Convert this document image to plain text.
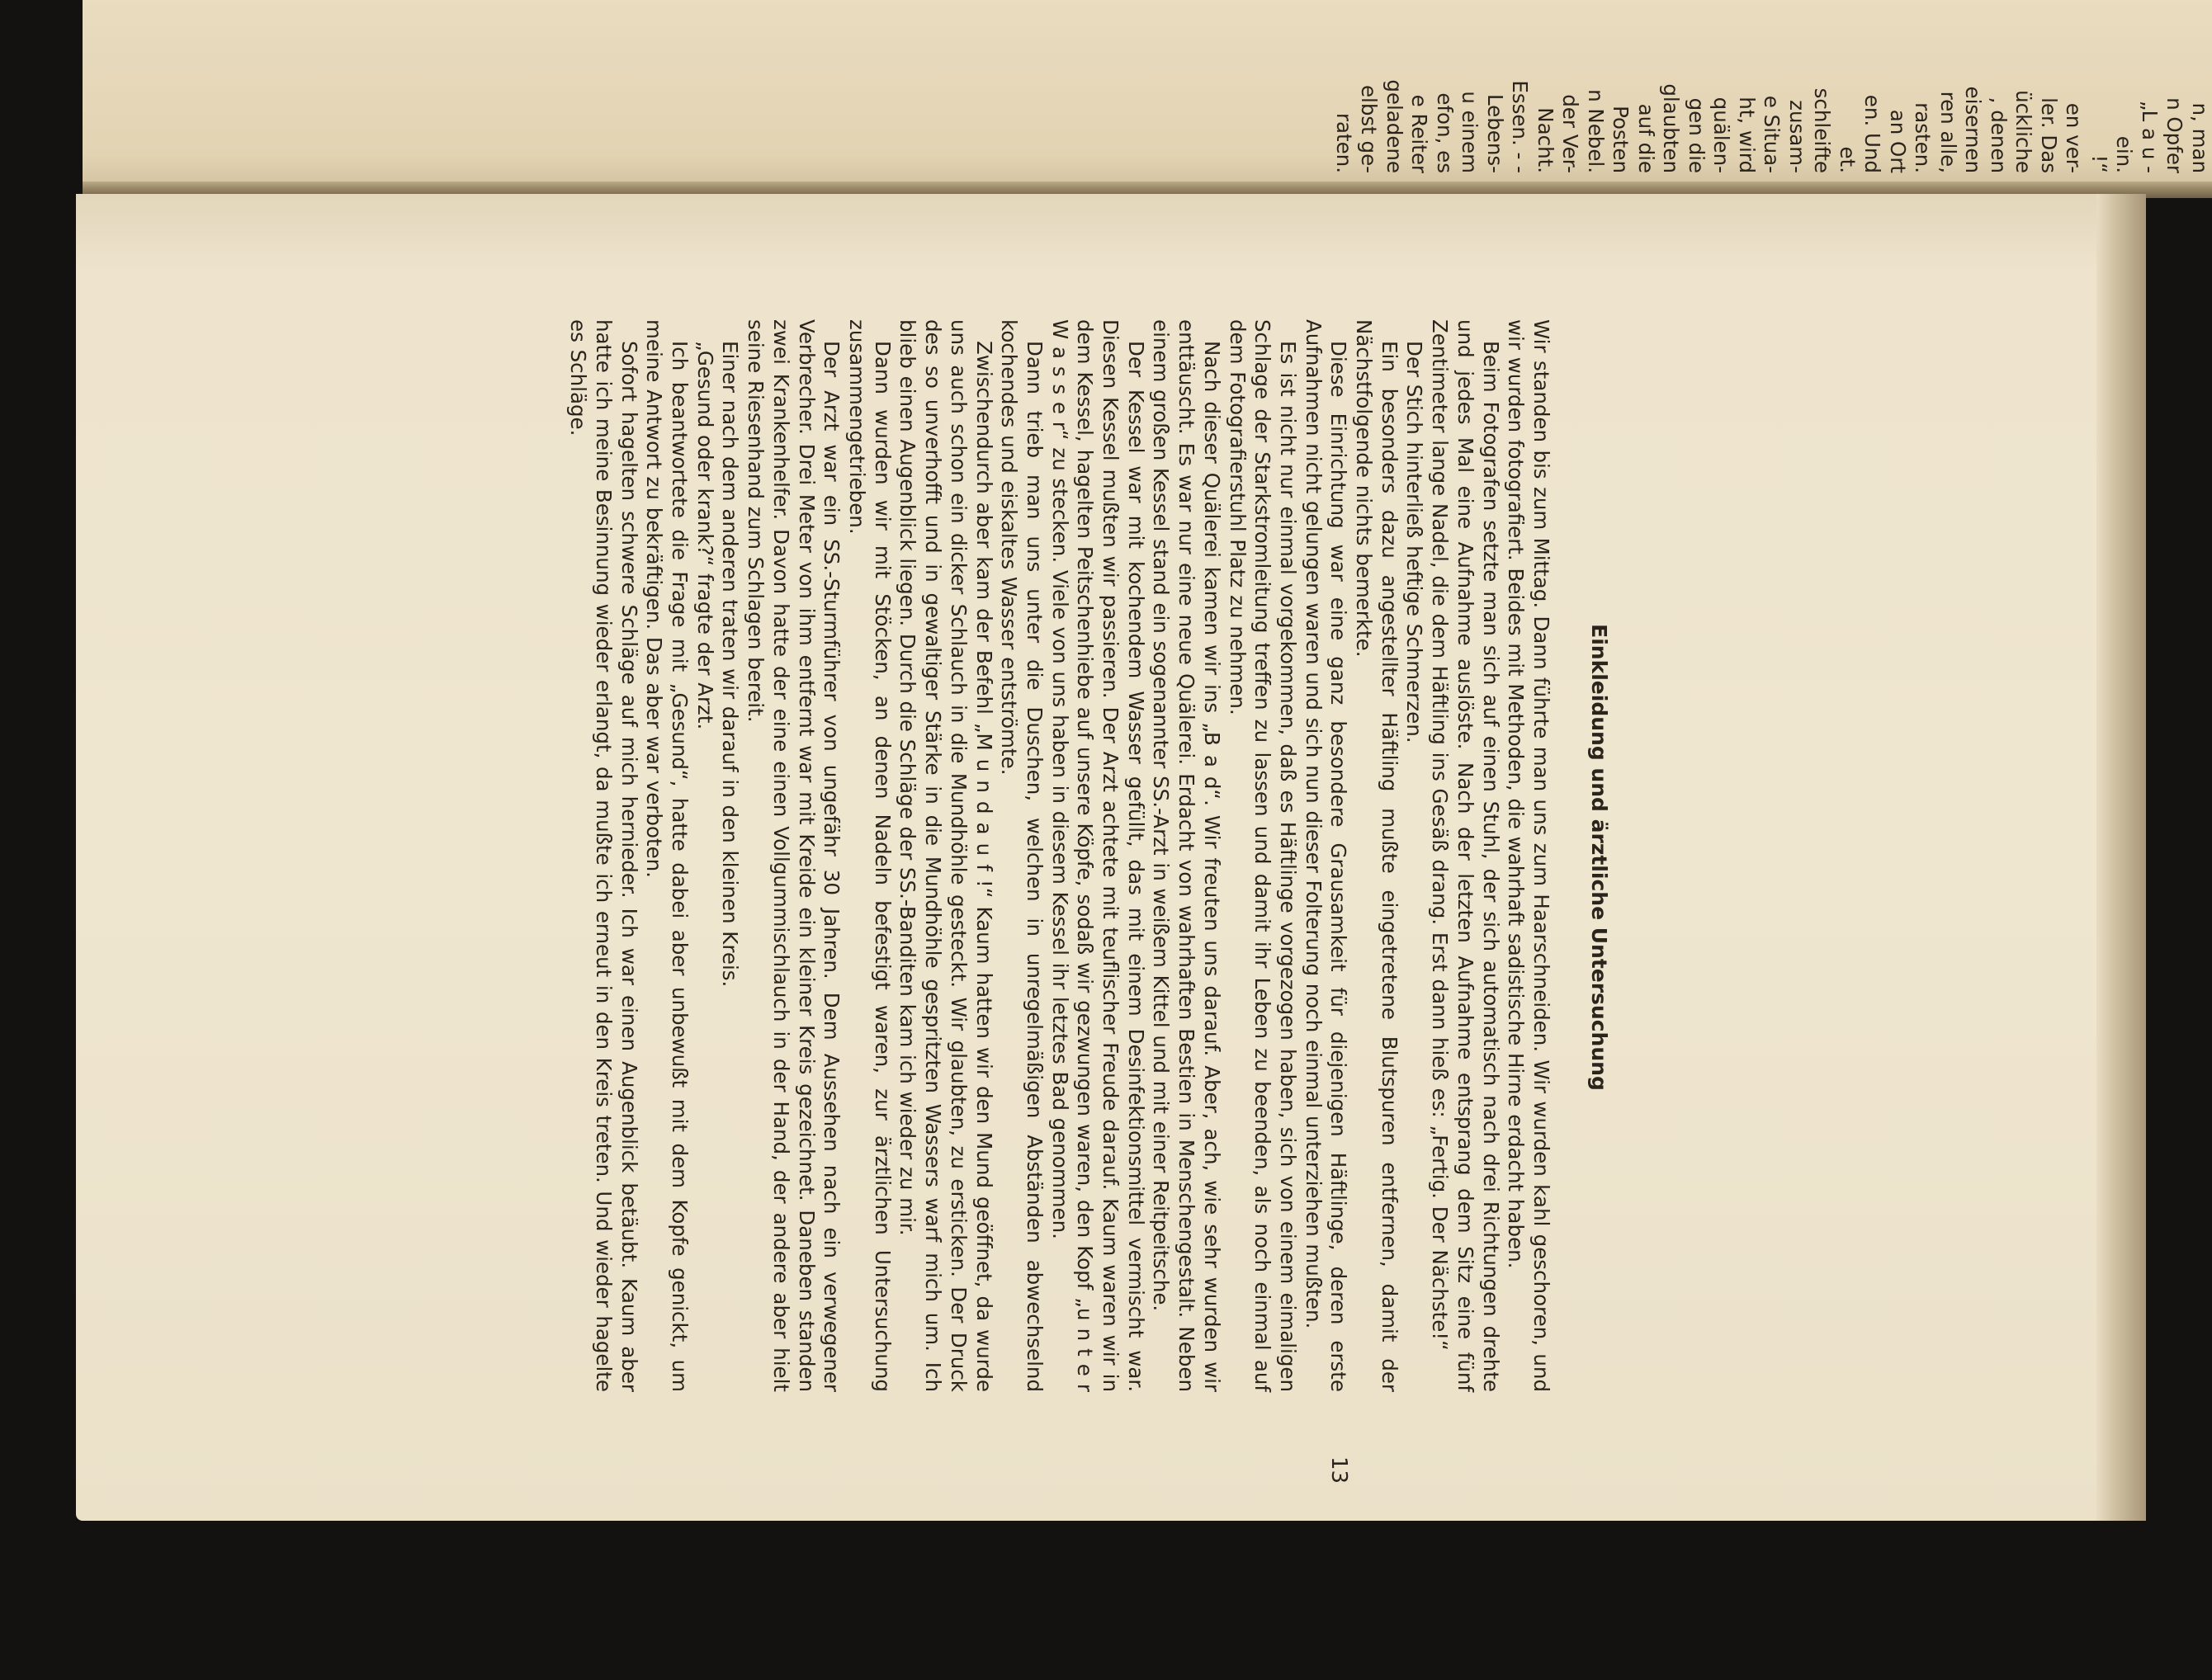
n, man
n Opfer
„L a u -
ein.
!“
en ver-
ler. Das
ückliche
, denen
eisernen
ren alle,
rasten.
an Ort
en. Und
et.
schleifte
zusam-
e Situa-
ht, wird
quälen-
gen die
glaubten
auf die
Posten
n Nebel.
der Ver-
Nacht.
Essen. - -
Lebens-
u einem
efon, es
e Reiter
geladene
elbst ge-
raten.
Einkleidung und ärztliche Untersuchung

Wir standen bis zum Mittag. Dann führte man uns zum Haarschneiden. Wir wurden kahl geschoren, und wir wurden fotografiert. Beides mit Methoden, die wahrhaft sadistische Hirne erdacht haben.

Beim Fotografen setzte man sich auf einen Stuhl, der sich automatisch nach drei Richtungen drehte und jedes Mal eine Aufnahme auslöste. Nach der letzten Aufnahme entsprang dem Sitz eine fünf Zentimeter lange Nadel, die dem Häftling ins Gesäß drang. Erst dann hieß es: „Fertig. Der Nächste!“

Der Stich hinterließ heftige Schmerzen.

Ein besonders dazu angestellter Häftling mußte eingetretene Blutspuren entfernen, damit der Nächstfolgende nichts bemerkte.

Diese Einrichtung war eine ganz besondere Grausamkeit für diejenigen Häftlinge, deren erste Aufnahmen nicht gelungen waren und sich nun dieser Folterung noch einmal unterziehen mußten.

Es ist nicht nur einmal vorgekommen, daß es Häftlinge vorgezogen haben, sich von einem eimaligen Schlage der Starkstromleitung treffen zu lassen und damit ihr Leben zu beenden, als noch einmal auf dem Fotografierstuhl Platz zu nehmen.

Nach dieser Quälerei kamen wir ins „B a d“. Wir freuten uns darauf. Aber, ach, wie sehr wurden wir enttäuscht. Es war nur eine neue Quälerei. Erdacht von wahrhaften Bestien in Menschengestalt. Neben einem großen Kessel stand ein sogenannter SS.-Arzt in weißem Kittel und mit einer Reitpeitsche.

Der Kessel war mit kochendem Wasser gefüllt, das mit einem Desinfektionsmittel vermischt war. Diesen Kessel mußten wir passieren. Der Arzt achtete mit teuflischer Freude darauf. Kaum waren wir in dem Kessel, hagelten Peitschenhiebe auf unsere Köpfe, sodaß wir gezwungen waren, den Kopf „u n t e r W a s s e r“ zu stecken. Viele von uns haben in diesem Kessel ihr letztes Bad genommen.

Dann trieb man uns unter die Duschen, welchen in unregelmäßigen Abständen abwechselnd kochendes und eiskaltes Wasser entströmte.

Zwischendurch aber kam der Befehl „M u n d a u f !“ Kaum hatten wir den Mund geöffnet, da wurde uns auch schon ein dicker Schlauch in die Mundhöhle gesteckt. Wir glaubten, zu ersticken. Der Druck des so unverhofft und in gewaltiger Stärke in die Mundhöhle gespritzten Wassers warf mich um. Ich blieb einen Augenblick liegen. Durch die Schläge der SS.-Banditen kam ich wieder zu mir.

Dann wurden wir mit Stöcken, an denen Nadeln befestigt waren, zur ärztlichen Untersuchung zusammengetrieben.

Der Arzt war ein SS.-Sturmführer von ungefähr 30 Jahren. Dem Aussehen nach ein verwegener Verbrecher. Drei Meter von ihm entfernt war mit Kreide ein kleiner Kreis gezeichnet. Daneben standen zwei Krankenhelfer. Davon hatte der eine einen Vollgummischlauch in der Hand, der andere aber hielt seine Riesenhand zum Schlagen bereit.

Einer nach dem anderen traten wir darauf in den kleinen Kreis.

„Gesund oder krank?“ fragte der Arzt.

Ich beantwortete die Frage mit „Gesund“, hatte dabei aber unbewußt mit dem Kopfe genickt, um meine Antwort zu bekräftigen. Das aber war verboten.

Sofort hagelten schwere Schläge auf mich hernieder. Ich war einen Augenblick betäubt. Kaum aber hatte ich meine Besinnung wieder erlangt, da mußte ich erneut in den Kreis treten. Und wieder hagelte es Schläge.

13
